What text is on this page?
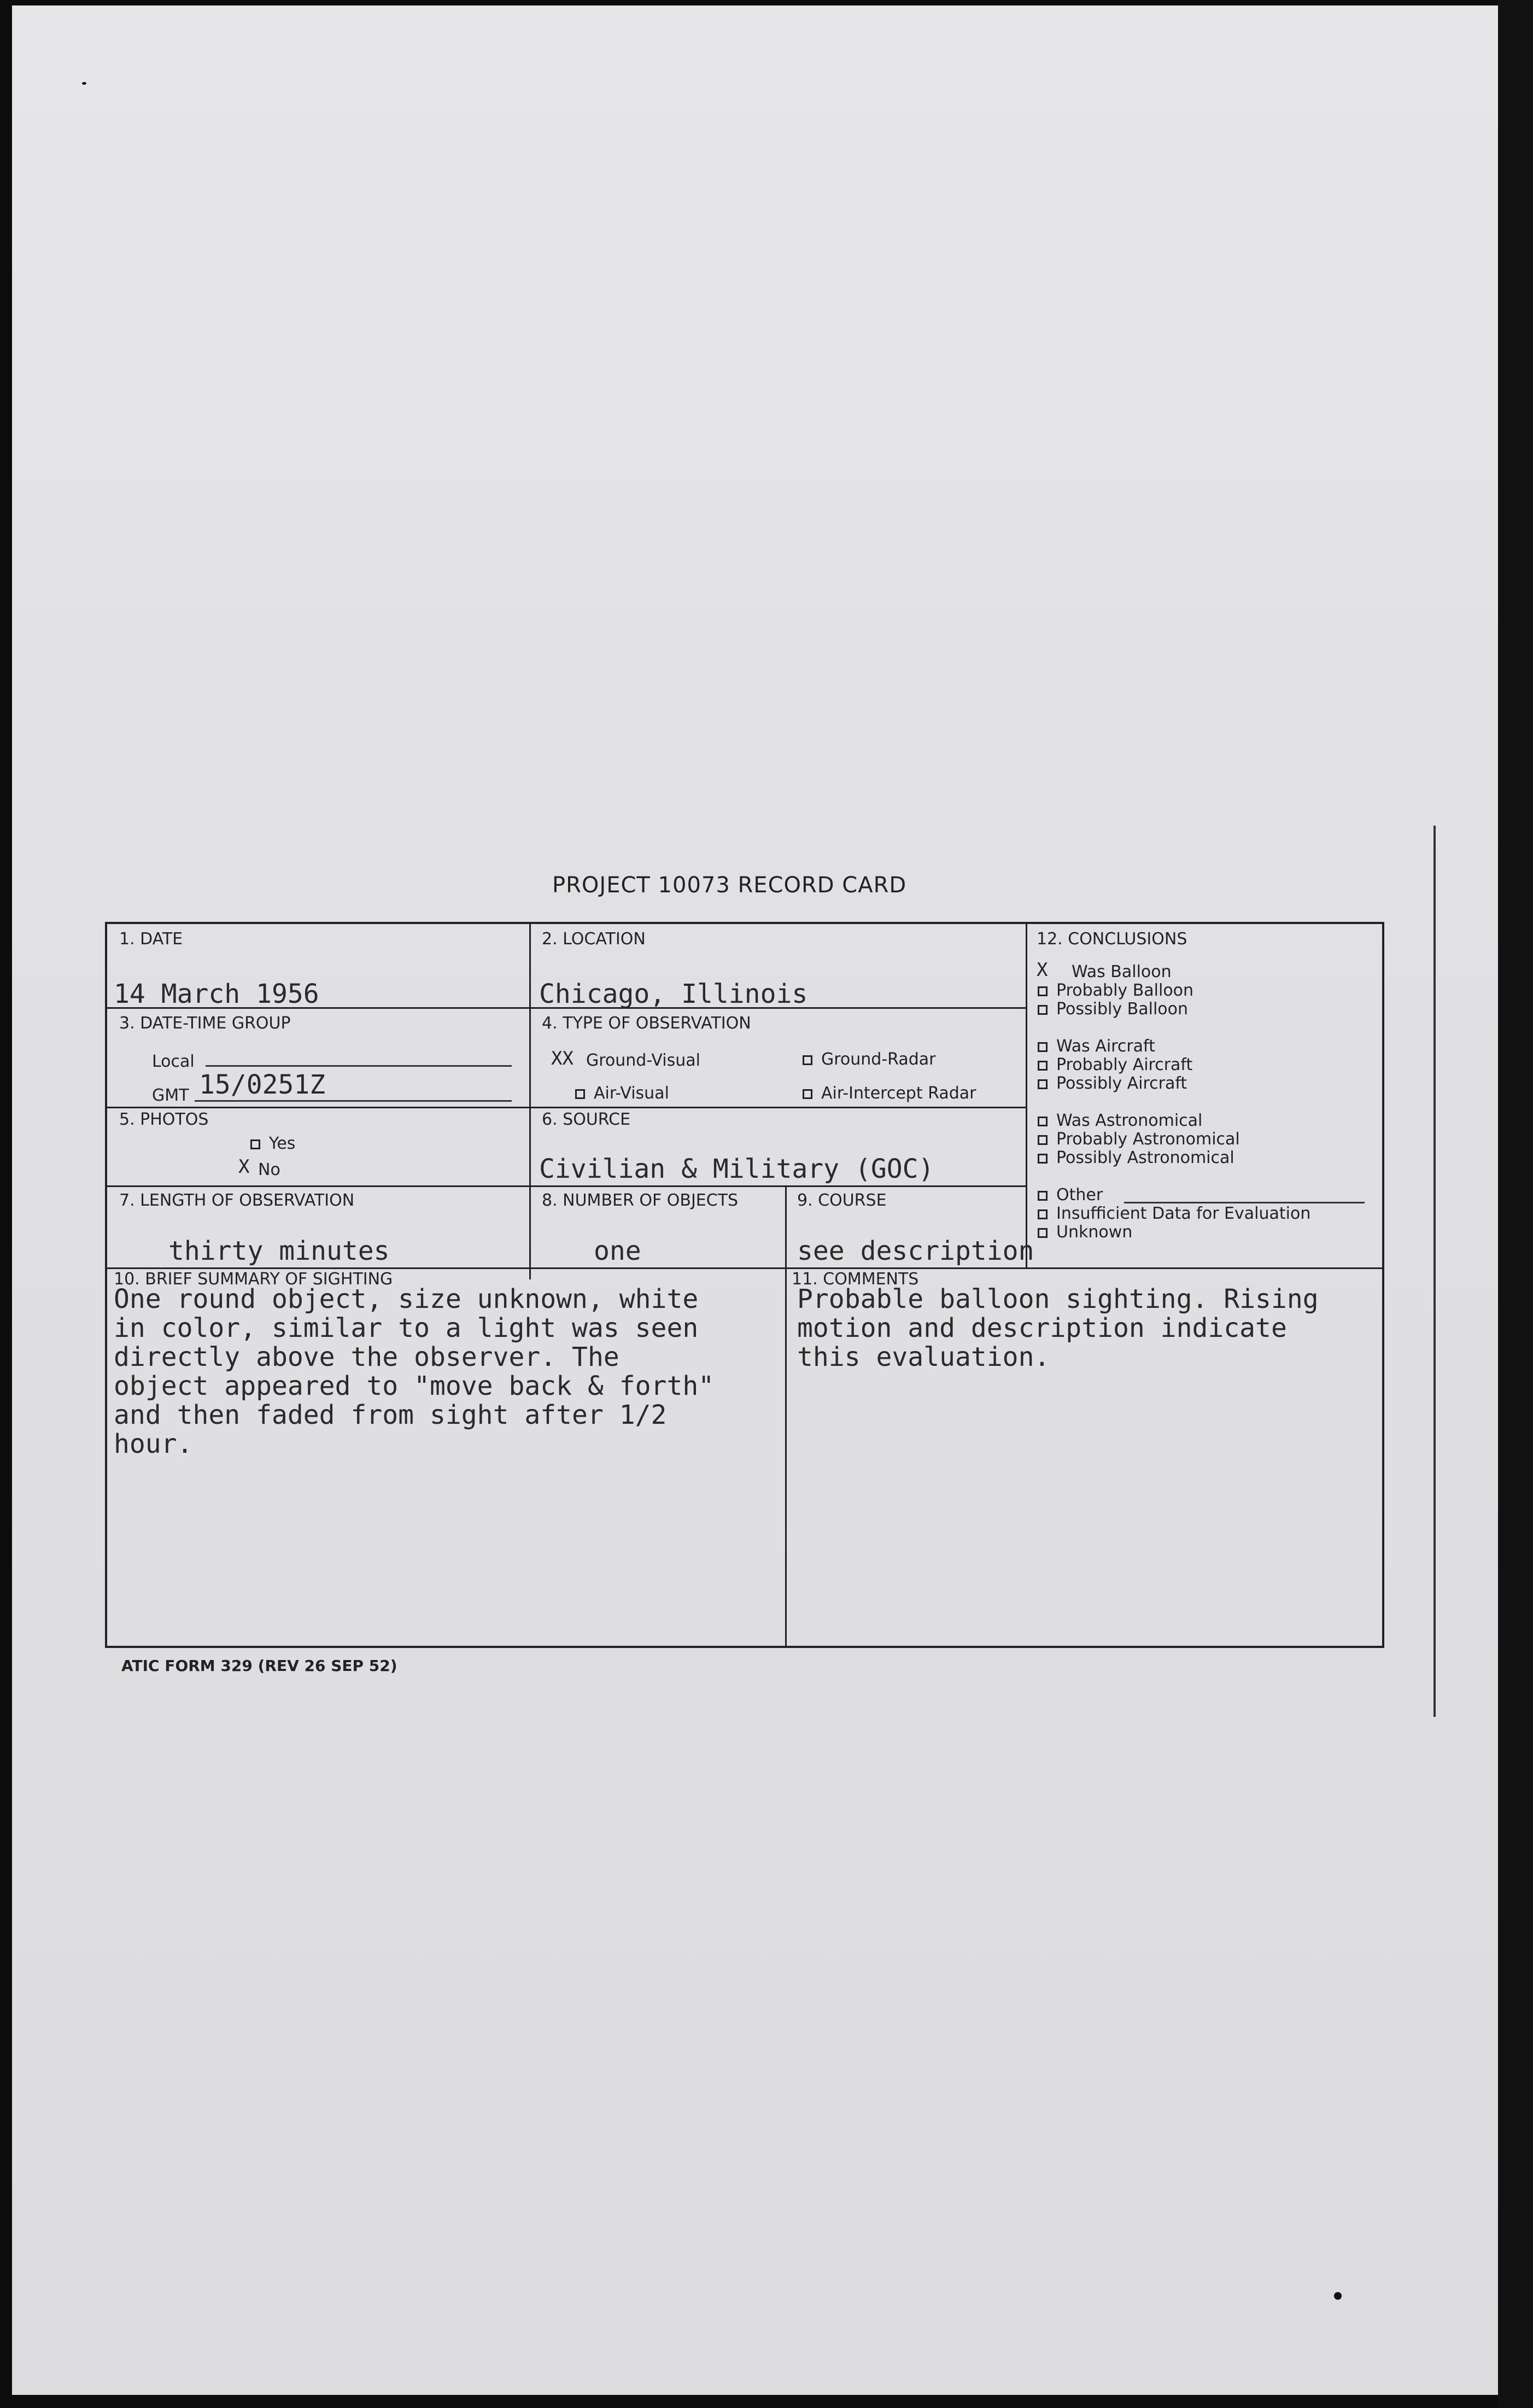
PROJECT 10073 RECORD CARD
1. DATE
14 March 1956
2. LOCATION
Chicago, Illinois
3. DATE-TIME GROUP
Local
GMT 15/0251Z
4. TYPE OF OBSERVATION
XX Ground-Visual	Ground-Radar
Air-Visual	Air-Intercept Radar
5. PHOTOS
Yes
X No
6. SOURCE
Civilian & Military (GOC)
7. LENGTH OF OBSERVATION
thirty minutes
8. NUMBER OF OBJECTS
one
9. COURSE
see description
10. BRIEF SUMMARY OF SIGHTING
One round object, size unknown, white
in color, similar to a light was seen
directly above the observer. The
object appeared to "move back & forth"
and then faded from sight after 1/2
hour.
11. COMMENTS
Probable balloon sighting. Rising
motion and description indicate
this evaluation.
12. CONCLUSIONS
X Was Balloon
Probably Balloon
Possibly Balloon
Was Aircraft
Probably Aircraft
Possibly Aircraft
Was Astronomical
Probably Astronomical
Possibly Astronomical
Other
Insufficient Data for Evaluation
Unknown
ATIC FORM 329 (REV 26 SEP 52)
